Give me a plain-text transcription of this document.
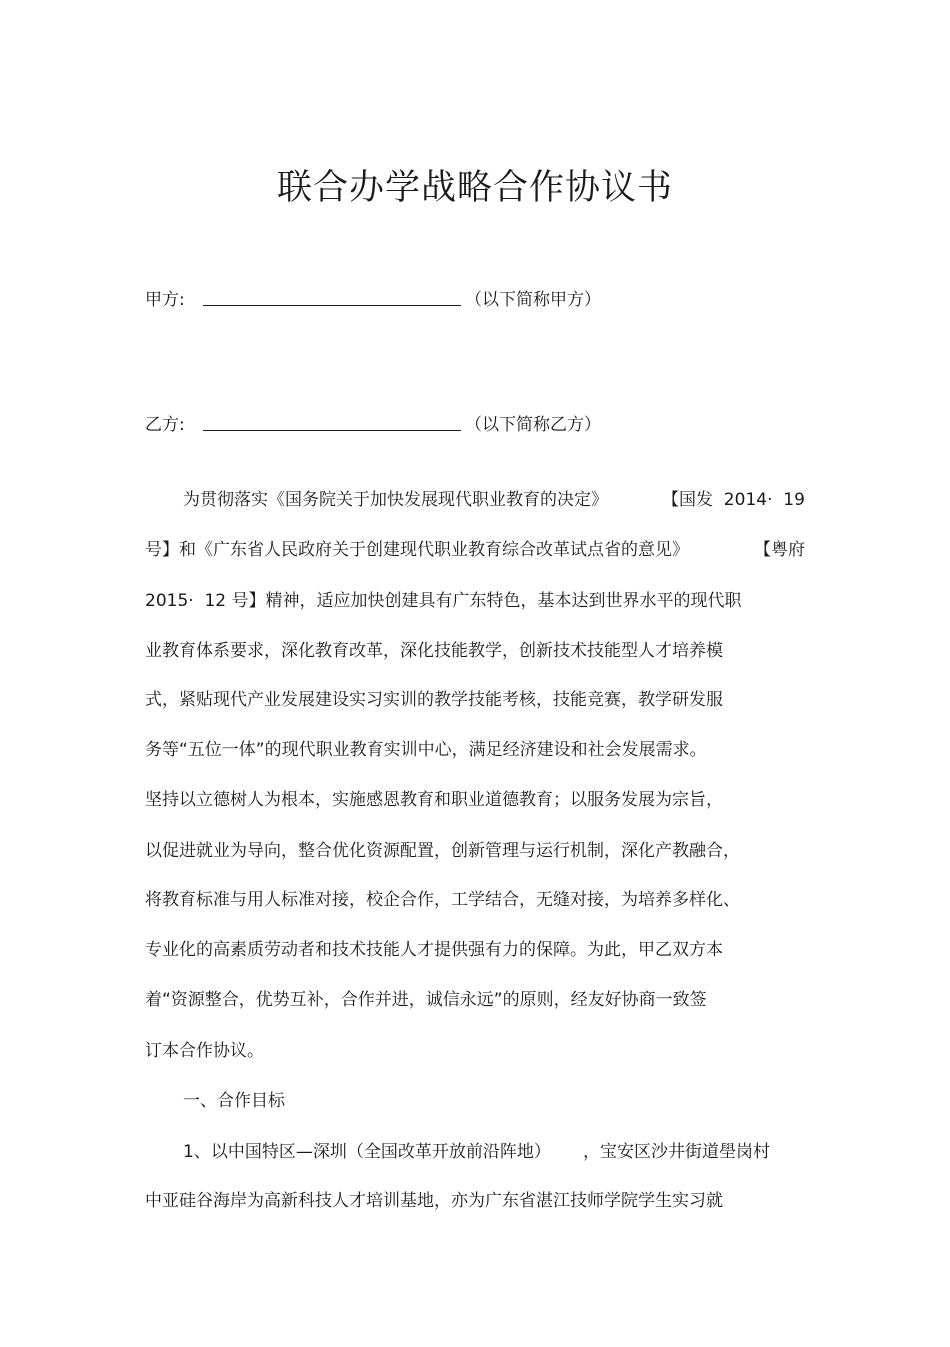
联合办学战略合作协议书
甲方:	（以下简称甲方）
乙方:	（以下简称乙方）
为贯彻落实《国务院关于加快发展现代职业教育的决定》	【国发  2014·  19
号】和《广东省人民政府关于创建现代职业教育综合改革试点省的意见》	【粤府
2015·  12 号】精神，适应加快创建具有广东特色，基本达到世界水平的现代职
业教育体系要求，深化教育改革，深化技能教学，创新技术技能型人才培养模
式，紧贴现代产业发展建设实习实训的教学技能考核，技能竞赛，教学研发服
务等“五位一体”的现代职业教育实训中心，满足经济建设和社会发展需求。
坚持以立德树人为根本，实施感恩教育和职业道德教育；以服务发展为宗旨，
以促进就业为导向，整合优化资源配置，创新管理与运行机制，深化产教融合，
将教育标准与用人标准对接，校企合作，工学结合，无缝对接，为培养多样化、
专业化的高素质劳动者和技术技能人才提供强有力的保障。为此，甲乙双方本
着“资源整合，优势互补，合作并进，诚信永远”的原则，经友好协商一致签
订本合作协议。
一、合作目标
1、以中国特区—深圳（全国改革开放前沿阵地） ，宝安区沙井街道壆岗村
中亚硅谷海岸为高新科技人才培训基地，亦为广东省湛江技师学院学生实习就
